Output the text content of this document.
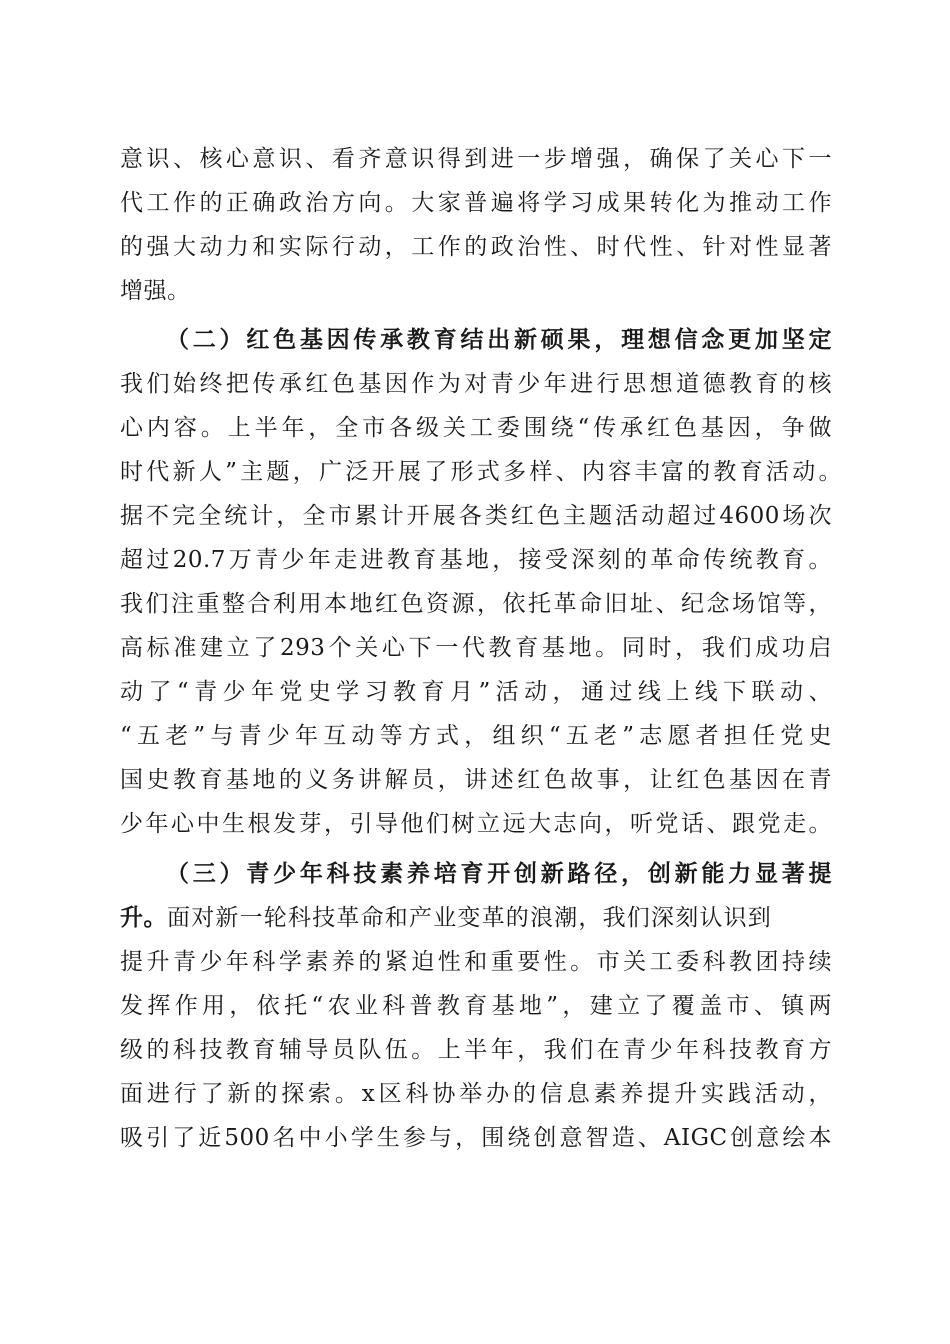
意识、核心意识、看齐意识得到进一步增强，确保了关心下一
代工作的正确政治方向。大家普遍将学习成果转化为推动工作
的强大动力和实际行动，工作的政治性、时代性、针对性显著
增强。
（二）红色基因传承教育结出新硕果，理想信念更加坚定
我们始终把传承红色基因作为对青少年进行思想道德教育的核
心内容。上半年，全市各级关工委围绕“传承红色基因，争做
时代新人”主题，广泛开展了形式多样、内容丰富的教育活动。
据不完全统计，全市累计开展各类红色主题活动超过4600场次
超过20.7万青少年走进教育基地，接受深刻的革命传统教育。
我们注重整合利用本地红色资源，依托革命旧址、纪念场馆等，
高标准建立了293个关心下一代教育基地。同时，我们成功启
动了“青少年党史学习教育月”活动，通过线上线下联动、
“五老”与青少年互动等方式，组织“五老”志愿者担任党史
国史教育基地的义务讲解员，讲述红色故事，让红色基因在青
少年心中生根发芽，引导他们树立远大志向，听党话、跟党走。
（三）青少年科技素养培育开创新路径，创新能力显著提
升。面对新一轮科技革命和产业变革的浪潮，我们深刻认识到
提升青少年科学素养的紧迫性和重要性。市关工委科教团持续
发挥作用，依托“农业科普教育基地”，建立了覆盖市、镇两
级的科技教育辅导员队伍。上半年，我们在青少年科技教育方
面进行了新的探索。x区科协举办的信息素养提升实践活动，
吸引了近500名中小学生参与，围绕创意智造、AIGC创意绘本
